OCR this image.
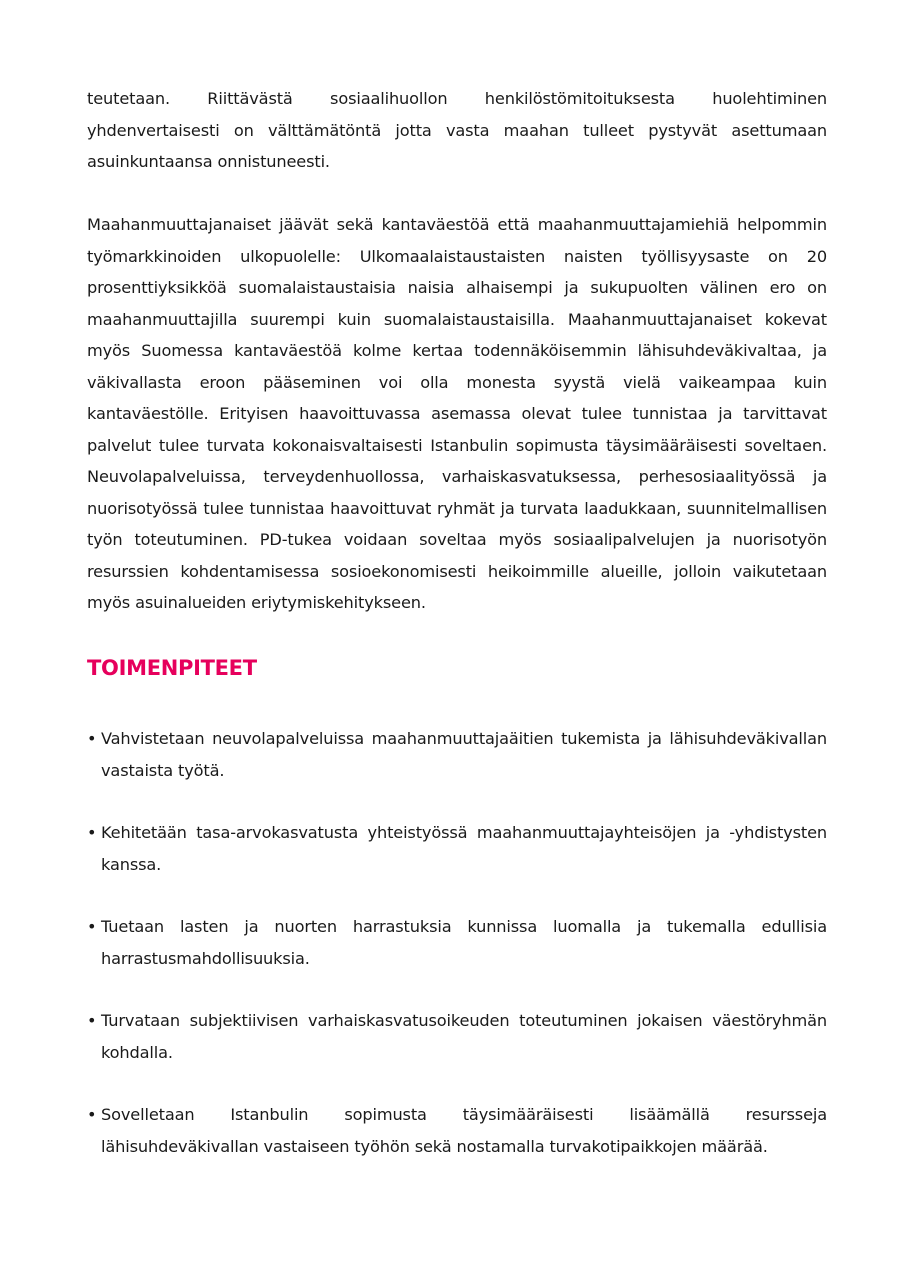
teutetaan. Riittävästä sosiaalihuollon henkilöstömitoituksesta huolehtiminen yhdenvertaisesti on välttämätöntä jotta vasta maahan tulleet pystyvät asettumaan asuinkuntaansa onnistuneesti.

Maahanmuuttajanaiset jäävät sekä kantaväestöä että maahanmuuttajamiehiä helpommin työmarkkinoiden ulkopuolelle: Ulkomaalaistaustaisten naisten työllisyysaste on 20 prosenttiyksikköä suomalaistaustaisia naisia alhaisempi ja sukupuolten välinen ero on maahanmuuttajilla suurempi kuin suomalaistaustaisilla. Maahanmuuttajanaiset kokevat myös Suomessa kantaväestöä kolme kertaa todennäköisemmin lähisuhdeväkivaltaa, ja väkivallasta eroon pääseminen voi olla monesta syystä vielä vaikeampaa kuin kantaväestölle. Erityisen haavoittuvassa asemassa olevat tulee tunnistaa ja tarvittavat palvelut tulee turvata kokonaisvaltaisesti Istanbulin sopimusta täysimääräisesti soveltaen. Neuvolapalveluissa, terveydenhuollossa, varhaiskasvatuksessa, perhesosiaalityössä ja nuorisotyössä tulee tunnistaa haavoittuvat ryhmät ja turvata laadukkaan, suunnitelmallisen työn toteutuminen. PD-tukea voidaan soveltaa myös sosiaalipalvelujen ja nuorisotyön resurssien kohdentamisessa sosioekonomisesti heikoimmille alueille, jolloin vaikutetaan myös asuinalueiden eriytymiskehitykseen.

TOIMENPITEET
• Vahvistetaan neuvolapalveluissa maahanmuuttajaäitien tukemista ja lähisuhdeväkivallan vastaista työtä.
• Kehitetään tasa-arvokasvatusta yhteistyössä maahanmuuttajayhteisöjen ja -yhdistysten kanssa.
• Tuetaan lasten ja nuorten harrastuksia kunnissa luomalla ja tukemalla edullisia harrastusmahdollisuuksia.
• Turvataan subjektiivisen varhaiskasvatusoikeuden toteutuminen jokaisen väestöryhmän kohdalla.
• Sovelletaan Istanbulin sopimusta täysimääräisesti lisäämällä resursseja lähisuhdeväkivallan vastaiseen työhön sekä nostamalla turvakotipaikkojen määrää.
